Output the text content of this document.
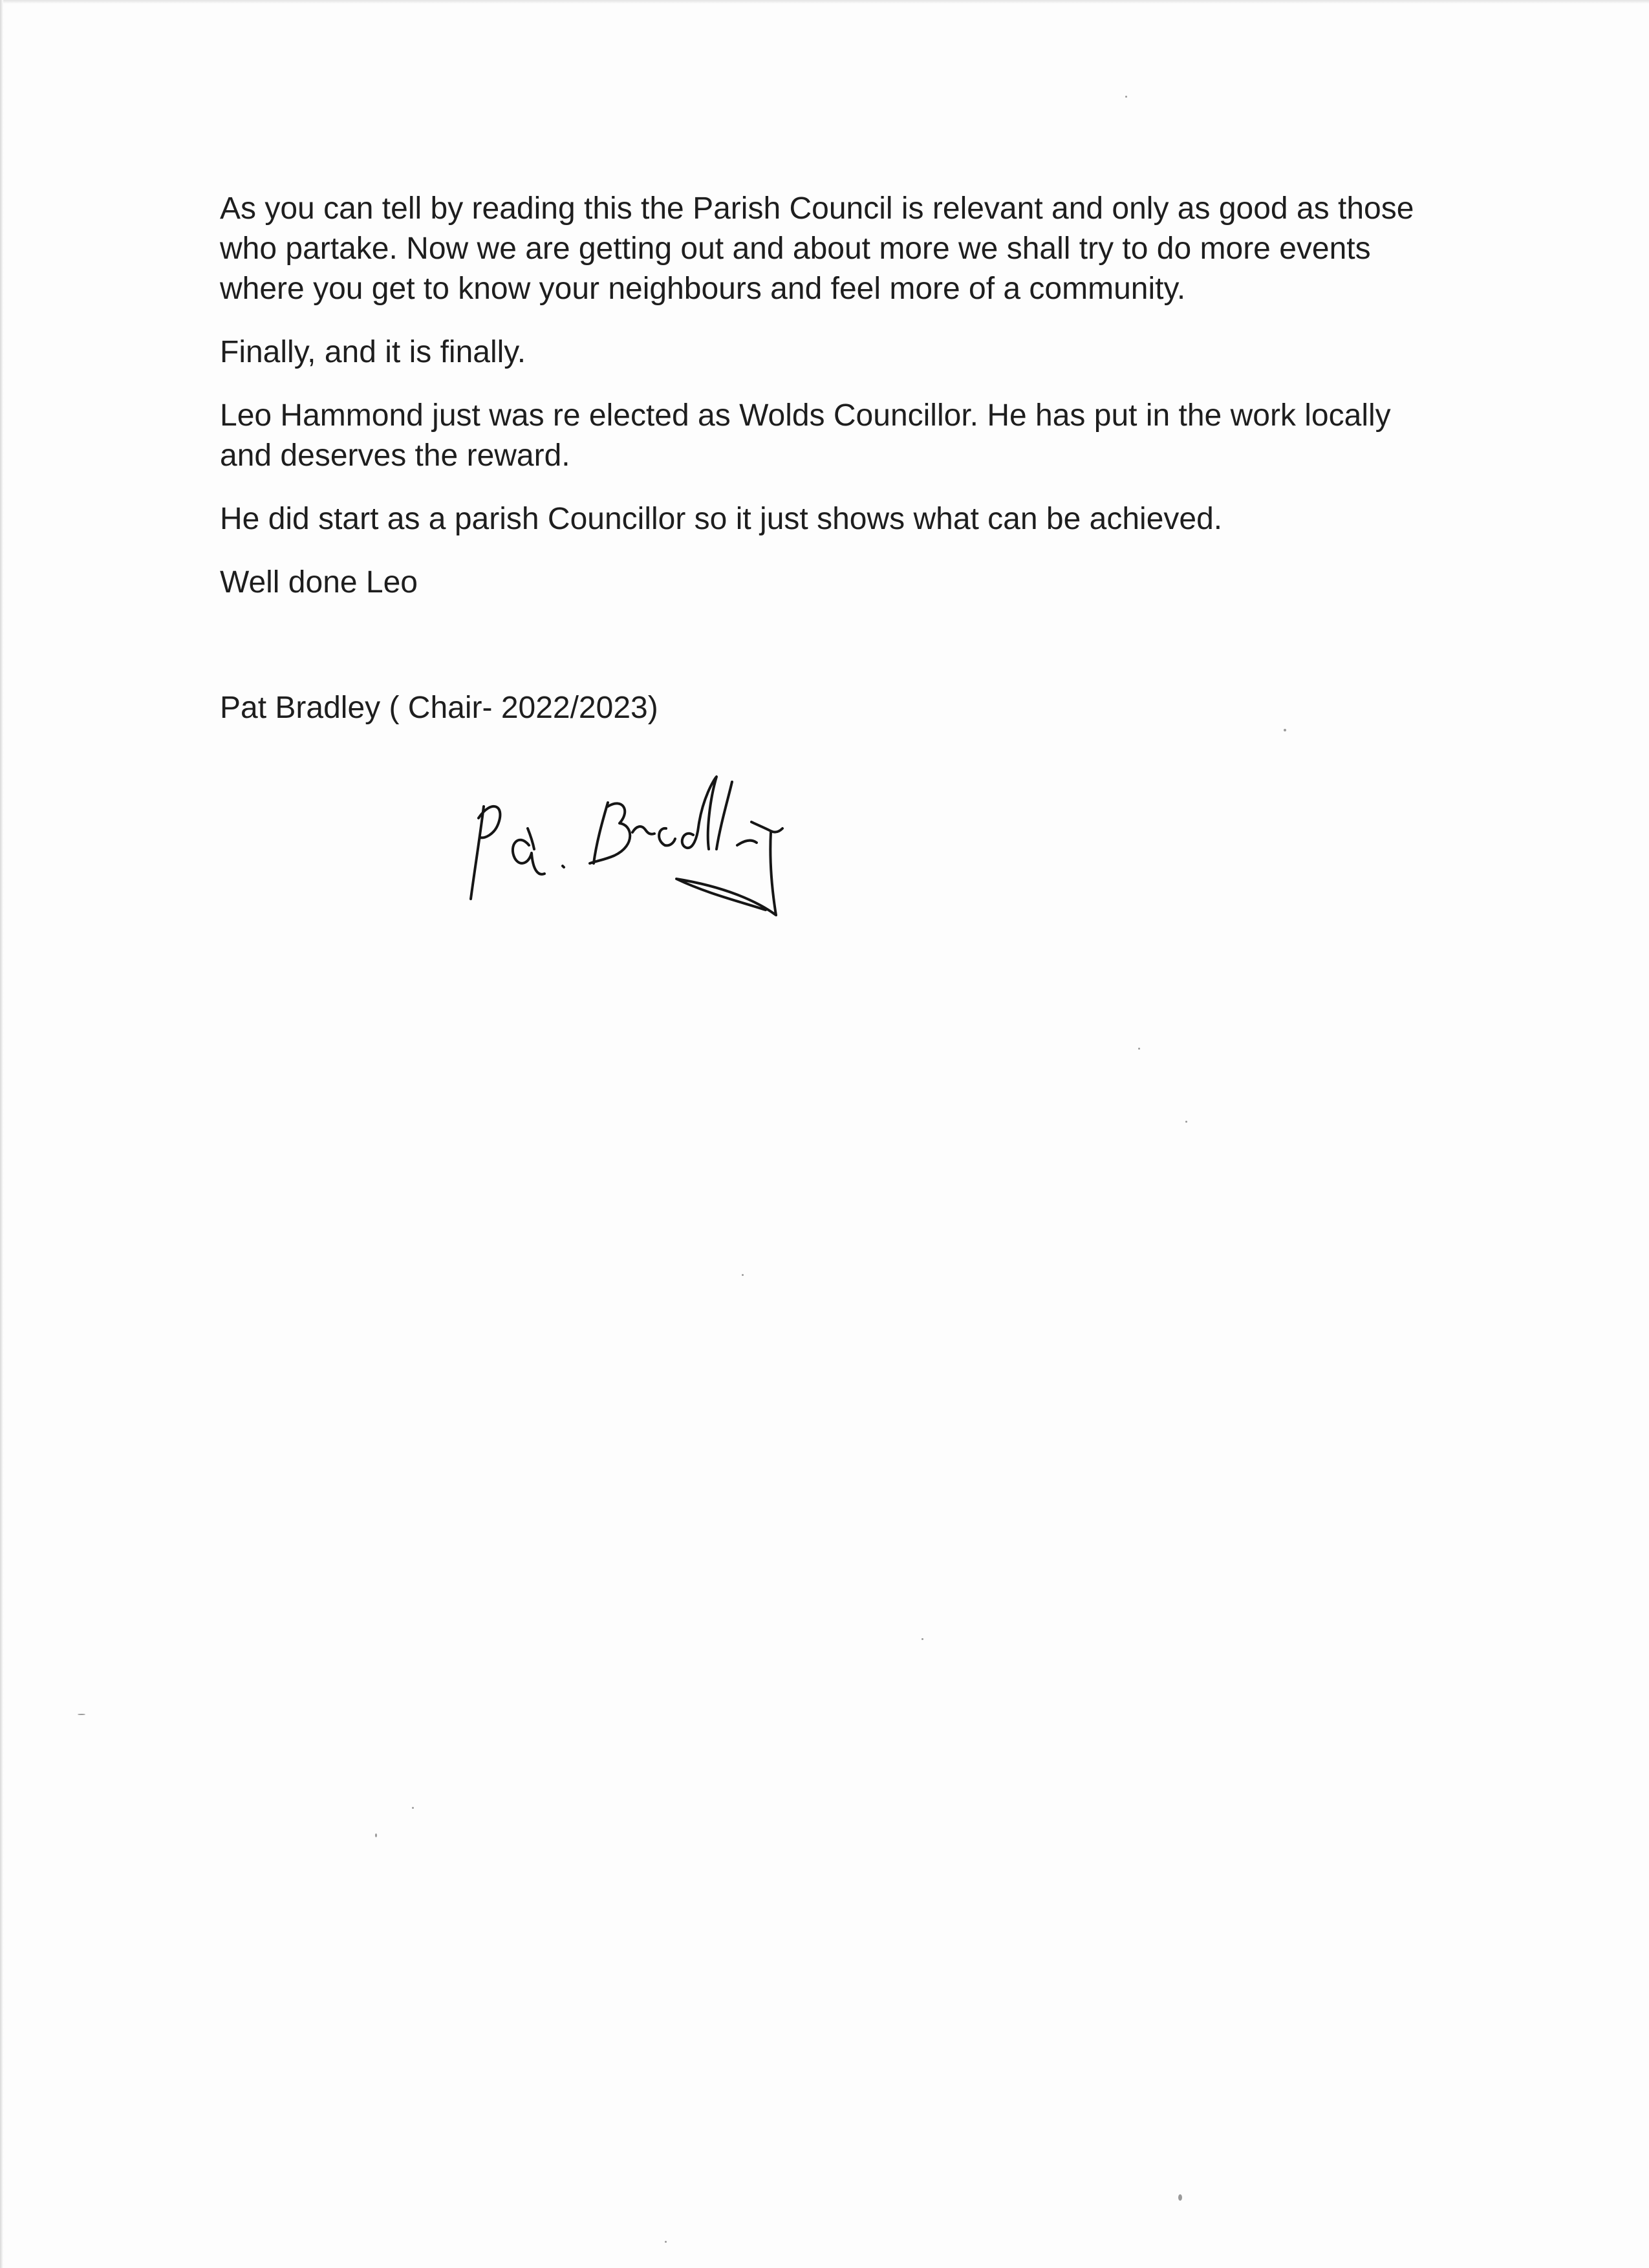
As you can tell by reading this the Parish Council is relevant and only as good as those who partake. Now we are getting out and about more we shall try to do more events where you get to know your neighbours and feel more of a community.

Finally, and it is finally.

Leo Hammond just was re elected as Wolds Councillor. He has put in the work locally and deserves the reward.

He did start as a parish Councillor so it just shows what can be achieved.

Well done Leo

Pat Bradley ( Chair- 2022/2023)
